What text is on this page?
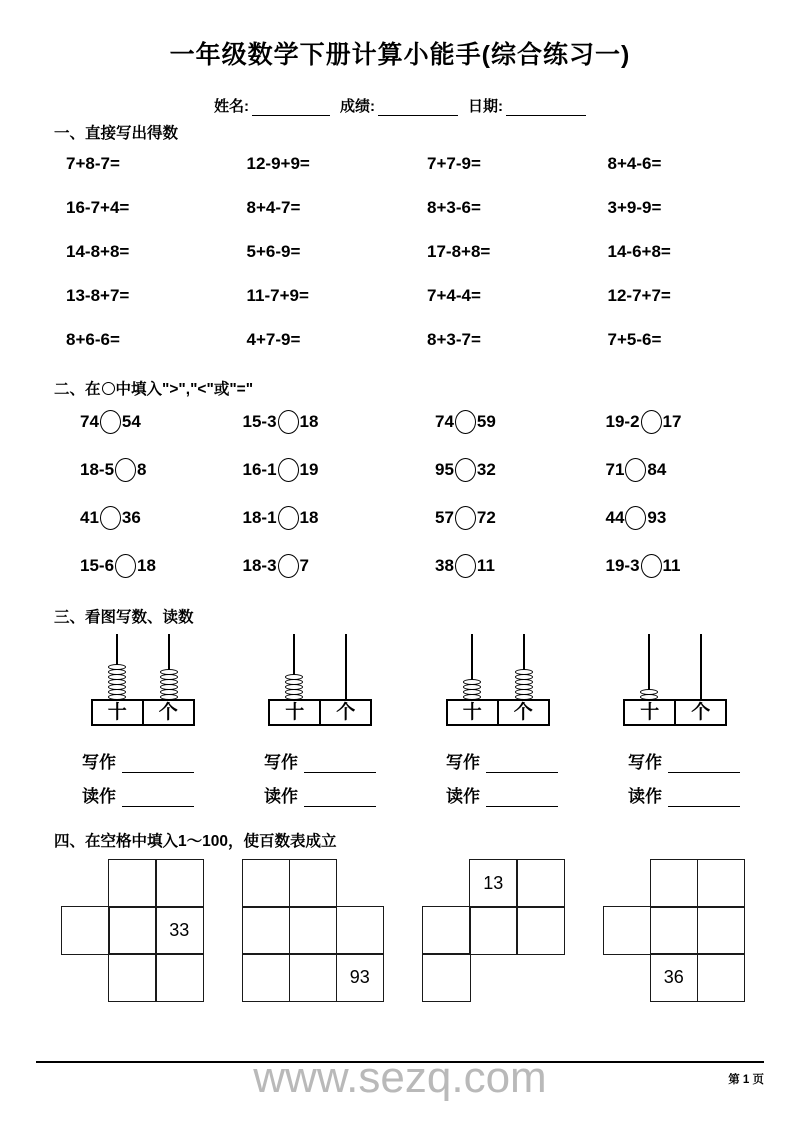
一年级数学下册计算小能手(综合练习一)
姓名:	成绩:	日期:
一、直接写出得数
7+8-7=	12-9+9=	7+7-9=	8+4-6=
16-7+4=	8+4-7=	8+3-6=	3+9-9=
14-8+8=	5+6-9=	17-8+8=	14-6+8=
13-8+7=	11-7+9=	7+4-4=	12-7+7=
8+6-6=	4+7-9=	8+3-7=	7+5-6=
二、在 中填入">","<"或"="
74 54	15-3 18	74 59	19-2 17
18-5 8	16-1 19	95 32	71 84
41 36	18-1 18	57 72	44 93
15-6 18	18-3 7	38 11	19-3 11
三、看图写数、读数
十	个	十	个	十	个	十	个
写作
读作
写作
读作
写作
读作
写作
读作
四、在空格中填入1～100，使百数表成立
33
93
13
36
www.sezq.com	第 1 页
